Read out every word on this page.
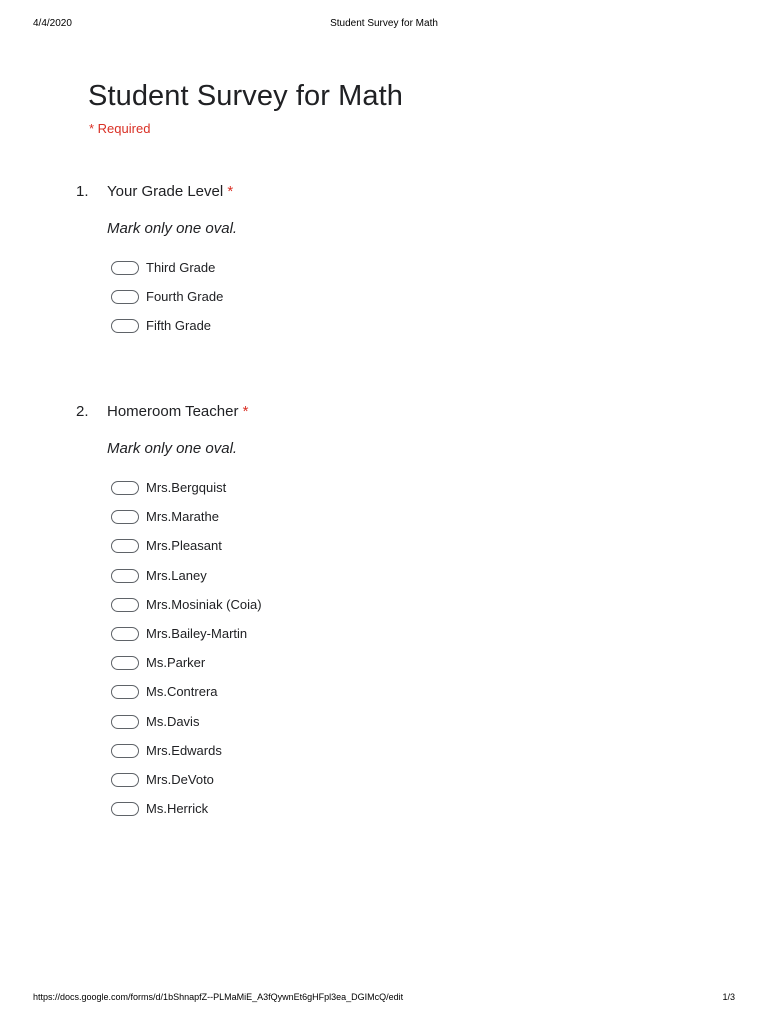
4/4/2020	Student Survey for Math
Student Survey for Math
* Required
1. Your Grade Level *
Mark only one oval.
Third Grade
Fourth Grade
Fifth Grade
2. Homeroom Teacher *
Mark only one oval.
Mrs.Bergquist
Mrs.Marathe
Mrs.Pleasant
Mrs.Laney
Mrs.Mosiniak (Coia)
Mrs.Bailey-Martin
Ms.Parker
Ms.Contrera
Ms.Davis
Mrs.Edwards
Mrs.DeVoto
Ms.Herrick
https://docs.google.com/forms/d/1bShnapfZ--PLMaMiE_A3fQywnEt6gHFpl3ea_DGIMcQ/edit	1/3
